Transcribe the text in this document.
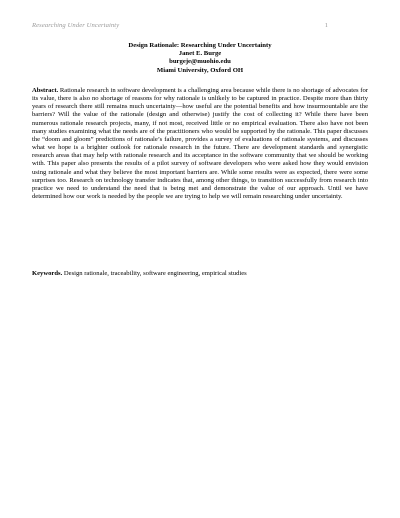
Researching Under Uncertainty	1
Design Rationale: Researching Under Uncertainty
Janet E. Burge
burgeje@muohio.edu
Miami University, Oxford OH
Abstract. Rationale research in software development is a challenging area because while there is no shortage of advocates for its value, there is also no shortage of reasons for why rationale is unlikely to be captured in practice. Despite more than thirty years of research there still remains much uncertainty—how useful are the potential benefits and how insurmountable are the barriers? Will the value of the rationale (design and otherwise) justify the cost of collecting it? While there have been numerous rationale research projects, many, if not most, received little or no empirical evaluation. There also have not been many studies examining what the needs are of the practitioners who would be supported by the rationale. This paper discusses the “doom and gloom” predictions of rationale’s failure, provides a survey of evaluations of rationale systems, and discusses what we hope is a brighter outlook for rationale research in the future. There are development standards and synergistic research areas that may help with rationale research and its acceptance in the software community that we should be working with. This paper also presents the results of a pilot survey of software developers who were asked how they would envision using rationale and what they believe the most important barriers are. While some results were as expected, there were some surprises too. Research on technology transfer indicates that, among other things, to transition successfully from research into practice we need to understand the need that is being met and demonstrate the value of our approach. Until we have determined how our work is needed by the people we are trying to help we will remain researching under uncertainty.
Keywords. Design rationale, traceability, software engineering, empirical studies
